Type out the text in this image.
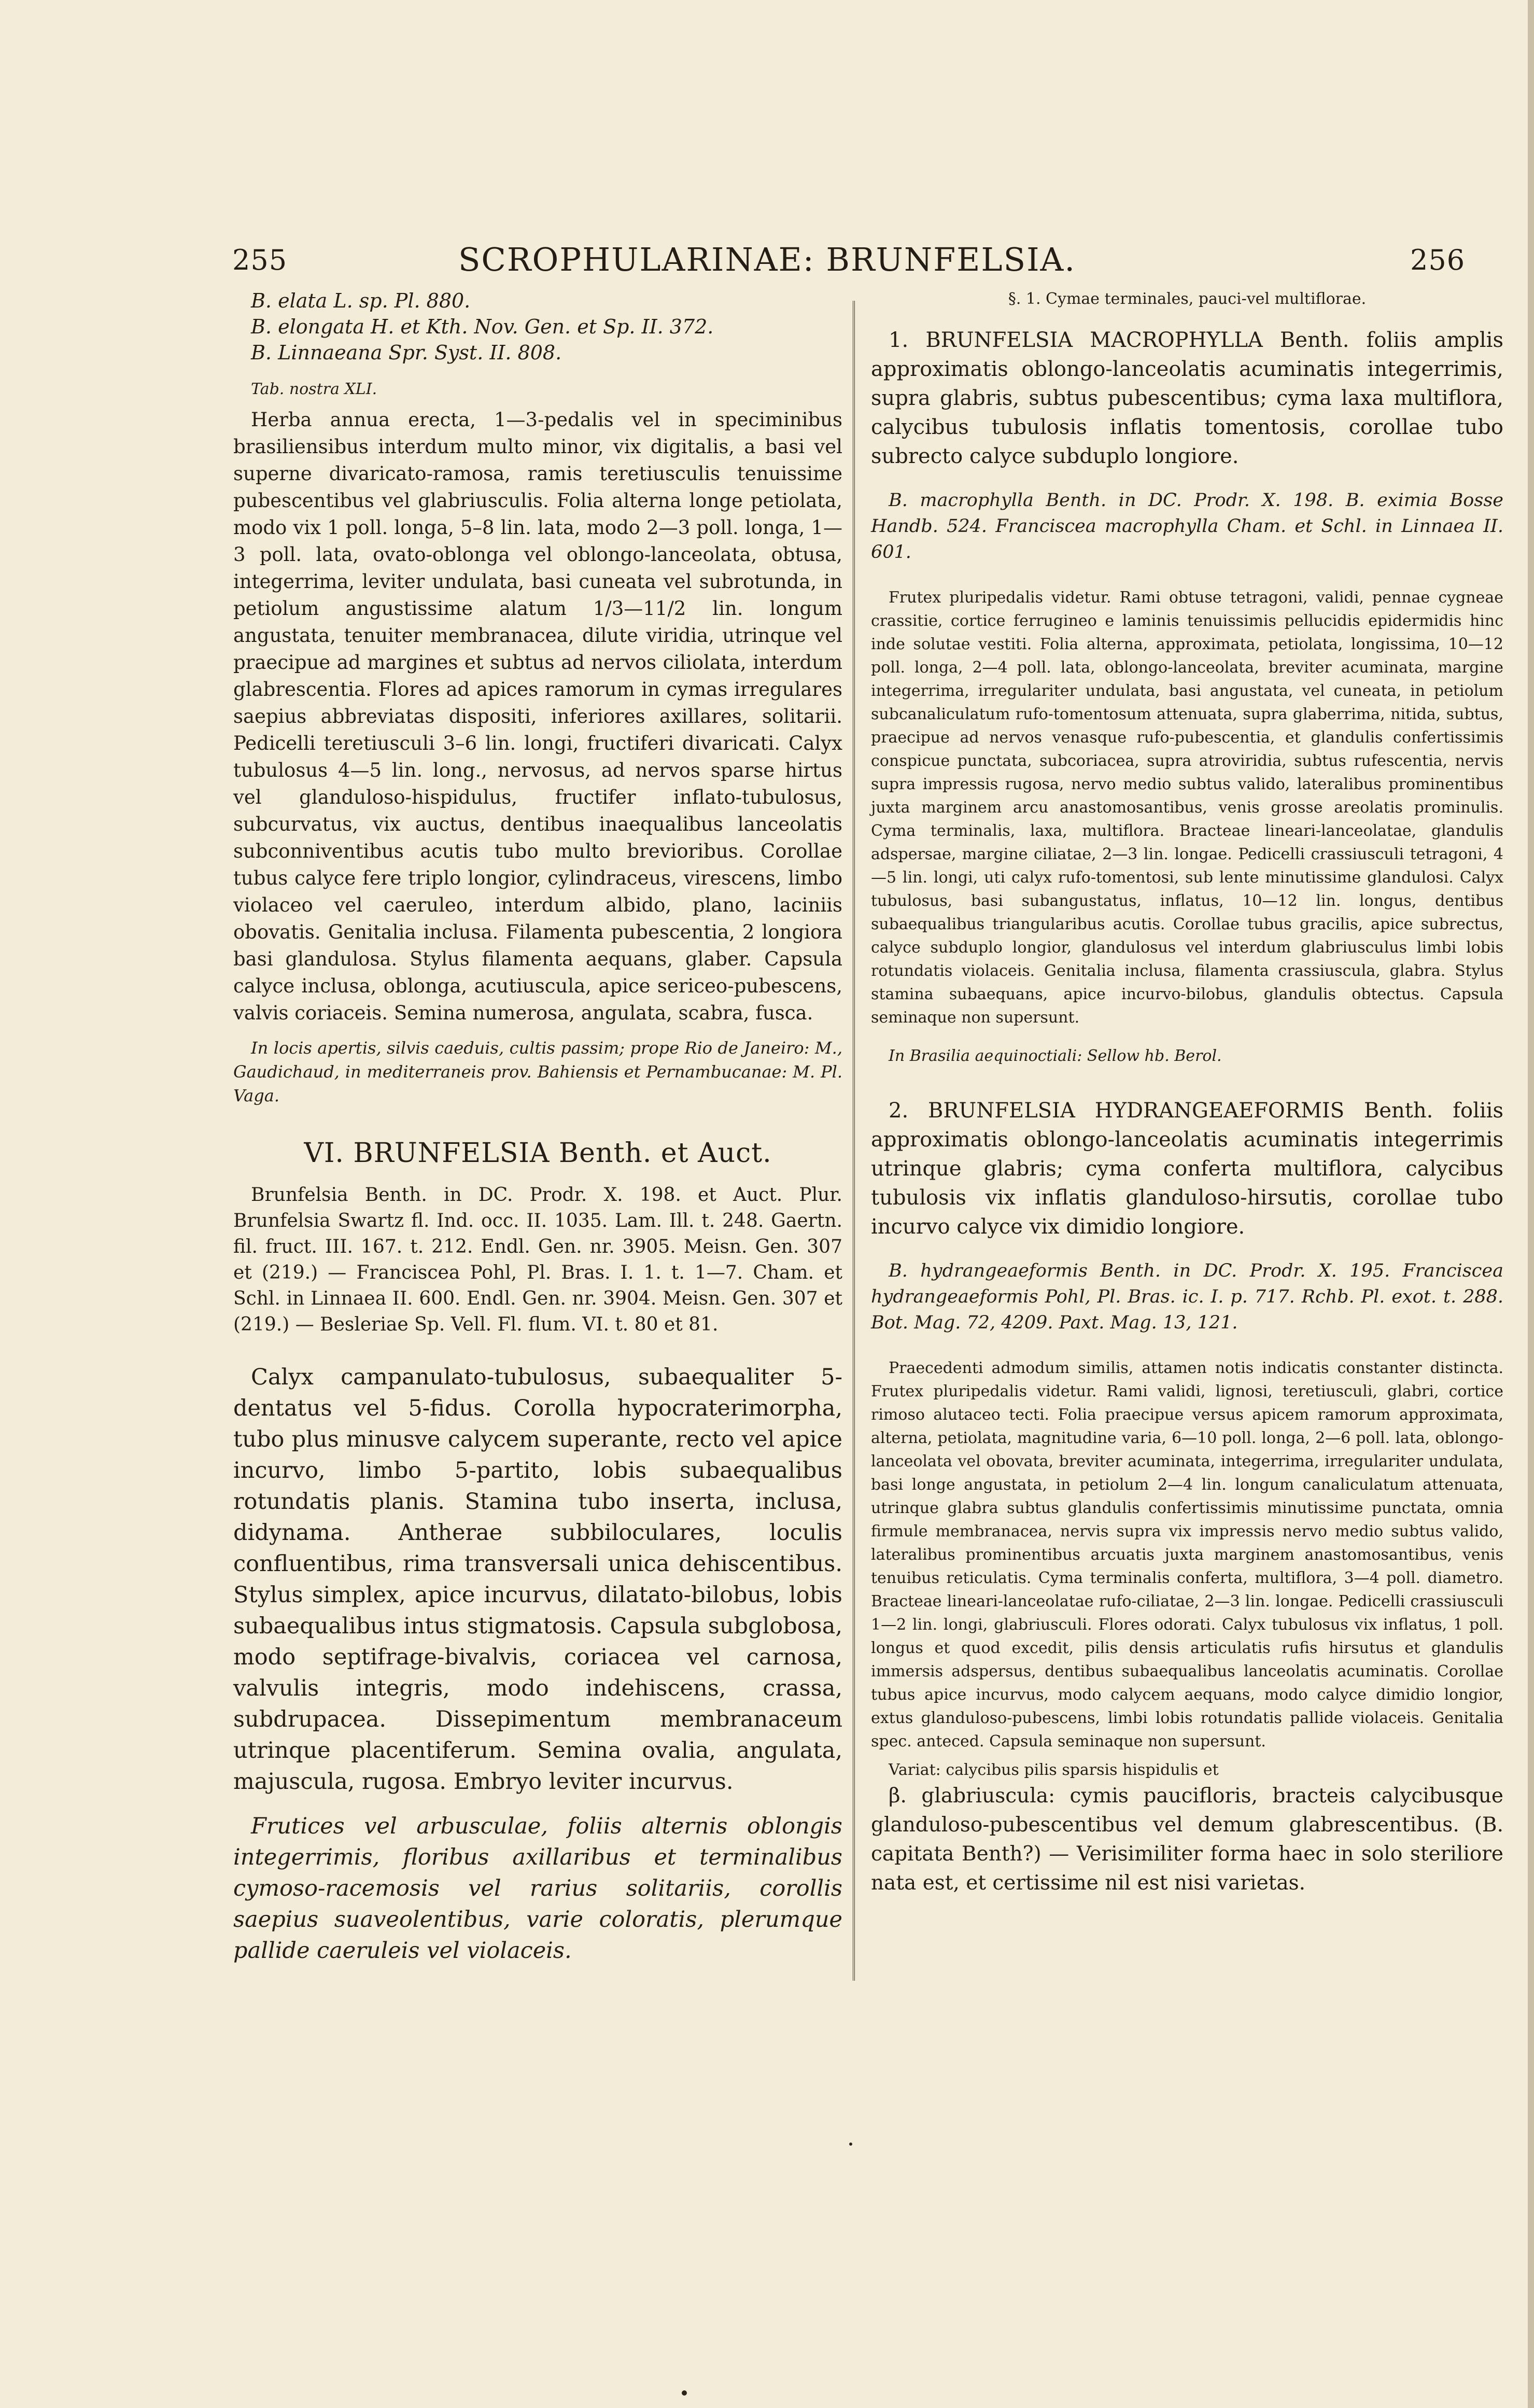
255	SCROPHULARINAE: BRUNFELSIA.	256

B. elata L. sp. Pl. 880.

B. elongata H. et Kth. Nov. Gen. et Sp. II. 372.

B. Linnaeana Spr. Syst. II. 808.

Tab. nostra XLI.

Herba annua erecta, 1—3-pedalis vel in speciminibus brasiliensibus interdum multo minor, vix digitalis, a basi vel superne divaricato-ramosa, ramis teretiusculis tenuissime pubescentibus vel glabriusculis. Folia alterna longe petiolata, modo vix 1 poll. longa, 5–8 lin. lata, modo 2—3 poll. longa, 1—3 poll. lata, ovato-oblonga vel oblongo-lanceolata, obtusa, integerrima, leviter undulata, basi cuneata vel subrotunda, in petiolum angustissime alatum 1/3—11/2 lin. longum angustata, tenuiter membranacea, dilute viridia, utrinque vel praecipue ad margines et subtus ad nervos ciliolata, interdum glabrescentia. Flores ad apices ramorum in cymas irregulares saepius abbreviatas dispositi, inferiores axillares, solitarii. Pedicelli teretiusculi 3–6 lin. longi, fructiferi divaricati. Calyx tubulosus 4—5 lin. long., nervosus, ad nervos sparse hirtus vel glanduloso-hispidulus, fructifer inflato-tubulosus, subcurvatus, vix auctus, dentibus inaequalibus lanceolatis subconniventibus acutis tubo multo brevioribus. Corollae tubus calyce fere triplo longior, cylindraceus, virescens, limbo violaceo vel caeruleo, interdum albido, plano, laciniis obovatis. Genitalia inclusa. Filamenta pubescentia, 2 longiora basi glandulosa. Stylus filamenta aequans, glaber. Capsula calyce inclusa, oblonga, acutiuscula, apice sericeo-pubescens, valvis coriaceis. Semina numerosa, angulata, scabra, fusca.

In locis apertis, silvis caeduis, cultis passim; prope Rio de Janeiro: M., Gaudichaud, in mediterraneis prov. Bahiensis et Pernambucanae: M. Pl. Vaga.

VI. BRUNFELSIA Benth. et Auct.

Brunfelsia Benth. in DC. Prodr. X. 198. et Auct. Plur. Brunfelsia Swartz fl. Ind. occ. II. 1035. Lam. Ill. t. 248. Gaertn. fil. fruct. III. 167. t. 212. Endl. Gen. nr. 3905. Meisn. Gen. 307 et (219.) — Franciscea Pohl, Pl. Bras. I. 1. t. 1—7. Cham. et Schl. in Linnaea II. 600. Endl. Gen. nr. 3904. Meisn. Gen. 307 et (219.) — Besleriae Sp. Vell. Fl. flum. VI. t. 80 et 81.

Calyx campanulato-tubulosus, subaequaliter 5-dentatus vel 5-fidus. Corolla hypocraterimorpha, tubo plus minusve calycem superante, recto vel apice incurvo, limbo 5-partito, lobis subaequalibus rotundatis planis. Stamina tubo inserta, inclusa, didynama. Antherae subbiloculares, loculis confluentibus, rima transversali unica dehiscentibus. Stylus simplex, apice incurvus, dilatato-bilobus, lobis subaequalibus intus stigmatosis. Capsula subglobosa, modo septifrage-bivalvis, coriacea vel carnosa, valvulis integris, modo indehiscens, crassa, subdrupacea. Dissepimentum membranaceum utrinque placentiferum. Semina ovalia, angulata, majuscula, rugosa. Embryo leviter incurvus.

Frutices vel arbusculae, foliis alternis oblongis integerrimis, floribus axillaribus et terminalibus cymoso-racemosis vel rarius solitariis, corollis saepius suaveolentibus, varie coloratis, plerumque pallide caeruleis vel violaceis.

§. 1. Cymae terminales, pauci-vel multiflorae.

1. BRUNFELSIA MACROPHYLLA Benth. foliis amplis approximatis oblongo-lanceolatis acuminatis integerrimis, supra glabris, subtus pubescentibus; cyma laxa multiflora, calycibus tubulosis inflatis tomentosis, corollae tubo subrecto calyce subduplo longiore.

B. macrophylla Benth. in DC. Prodr. X. 198. B. eximia Bosse Handb. 524. Franciscea macrophylla Cham. et Schl. in Linnaea II. 601.

Frutex pluripedalis videtur. Rami obtuse tetragoni, validi, pennae cygneae crassitie, cortice ferrugineo e laminis tenuissimis pellucidis epidermidis hinc inde solutae vestiti. Folia alterna, approximata, petiolata, longissima, 10—12 poll. longa, 2—4 poll. lata, oblongo-lanceolata, breviter acuminata, margine integerrima, irregulariter undulata, basi angustata, vel cuneata, in petiolum subcanaliculatum rufo-tomentosum attenuata, supra glaberrima, nitida, subtus, praecipue ad nervos venasque rufo-pubescentia, et glandulis confertissimis conspicue punctata, subcoriacea, supra atroviridia, subtus rufescentia, nervis supra impressis rugosa, nervo medio subtus valido, lateralibus prominentibus juxta marginem arcu anastomosantibus, venis grosse areolatis prominulis. Cyma terminalis, laxa, multiflora. Bracteae lineari-lanceolatae, glandulis adspersae, margine ciliatae, 2—3 lin. longae. Pedicelli crassiusculi tetragoni, 4—5 lin. longi, uti calyx rufo-tomentosi, sub lente minutissime glandulosi. Calyx tubulosus, basi subangustatus, inflatus, 10—12 lin. longus, dentibus subaequalibus triangularibus acutis. Corollae tubus gracilis, apice subrectus, calyce subduplo longior, glandulosus vel interdum glabriusculus limbi lobis rotundatis violaceis. Genitalia inclusa, filamenta crassiuscula, glabra. Stylus stamina subaequans, apice incurvo-bilobus, glandulis obtectus. Capsula seminaque non supersunt.

In Brasilia aequinoctiali: Sellow hb. Berol.

2. BRUNFELSIA HYDRANGEAEFORMIS Benth. foliis approximatis oblongo-lanceolatis acuminatis integerrimis utrinque glabris; cyma conferta multiflora, calycibus tubulosis vix inflatis glanduloso-hirsutis, corollae tubo incurvo calyce vix dimidio longiore.

B. hydrangeaeformis Benth. in DC. Prodr. X. 195. Franciscea hydrangeaeformis Pohl, Pl. Bras. ic. I. p. 717. Rchb. Pl. exot. t. 288. Bot. Mag. 72, 4209. Paxt. Mag. 13, 121.

Praecedenti admodum similis, attamen notis indicatis constanter distincta. Frutex pluripedalis videtur. Rami validi, lignosi, teretiusculi, glabri, cortice rimoso alutaceo tecti. Folia praecipue versus apicem ramorum approximata, alterna, petiolata, magnitudine varia, 6—10 poll. longa, 2—6 poll. lata, oblongo-lanceolata vel obovata, breviter acuminata, integerrima, irregulariter undulata, basi longe angustata, in petiolum 2—4 lin. longum canaliculatum attenuata, utrinque glabra subtus glandulis confertissimis minutissime punctata, omnia firmule membranacea, nervis supra vix impressis nervo medio subtus valido, lateralibus prominentibus arcuatis juxta marginem anastomosantibus, venis tenuibus reticulatis. Cyma terminalis conferta, multiflora, 3—4 poll. diametro. Bracteae lineari-lanceolatae rufo-ciliatae, 2—3 lin. longae. Pedicelli crassiusculi 1—2 lin. longi, glabriusculi. Flores odorati. Calyx tubulosus vix inflatus, 1 poll. longus et quod excedit, pilis densis articulatis rufis hirsutus et glandulis immersis adspersus, dentibus subaequalibus lanceolatis acuminatis. Corollae tubus apice incurvus, modo calycem aequans, modo calyce dimidio longior, extus glanduloso-pubescens, limbi lobis rotundatis pallide violaceis. Genitalia spec. anteced. Capsula seminaque non supersunt.

Variat: calycibus pilis sparsis hispidulis et

β. glabriuscula: cymis paucifloris, bracteis calycibusque glanduloso-pubescentibus vel demum glabrescentibus. (B. capitata Benth?) — Verisimiliter forma haec in solo steriliore nata est, et certissime nil est nisi varietas.
